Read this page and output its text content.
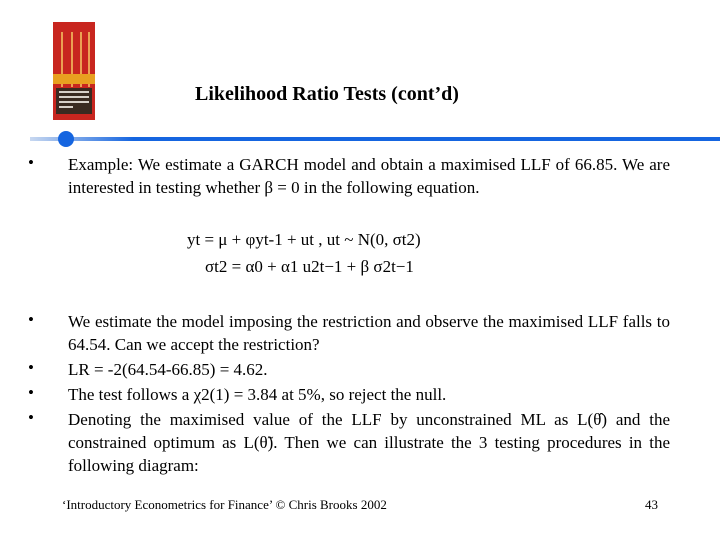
Likelihood Ratio Tests (cont’d)
• Example: We estimate a GARCH model and obtain a maximised LLF of 66.85. We are interested in testing whether β = 0 in the following equation.
yt = μ + φyt-1 + ut , ut ~ N(0, σt2)
σt2 = α0 + α1 u2t−1 + β σ2t−1
• We estimate the model imposing the restriction and observe the maximised LLF falls to 64.54. Can we accept the restriction?
• LR = -2(64.54-66.85) = 4.62.
• The test follows a χ2(1) = 3.84 at 5%, so reject the null.
• Denoting the maximised value of the LLF by unconstrained ML as L(θ̂) and the constrained optimum as L(θ̃). Then we can illustrate the 3 testing procedures in the following diagram:
‘Introductory Econometrics for Finance’ © Chris Brooks 2002	43
